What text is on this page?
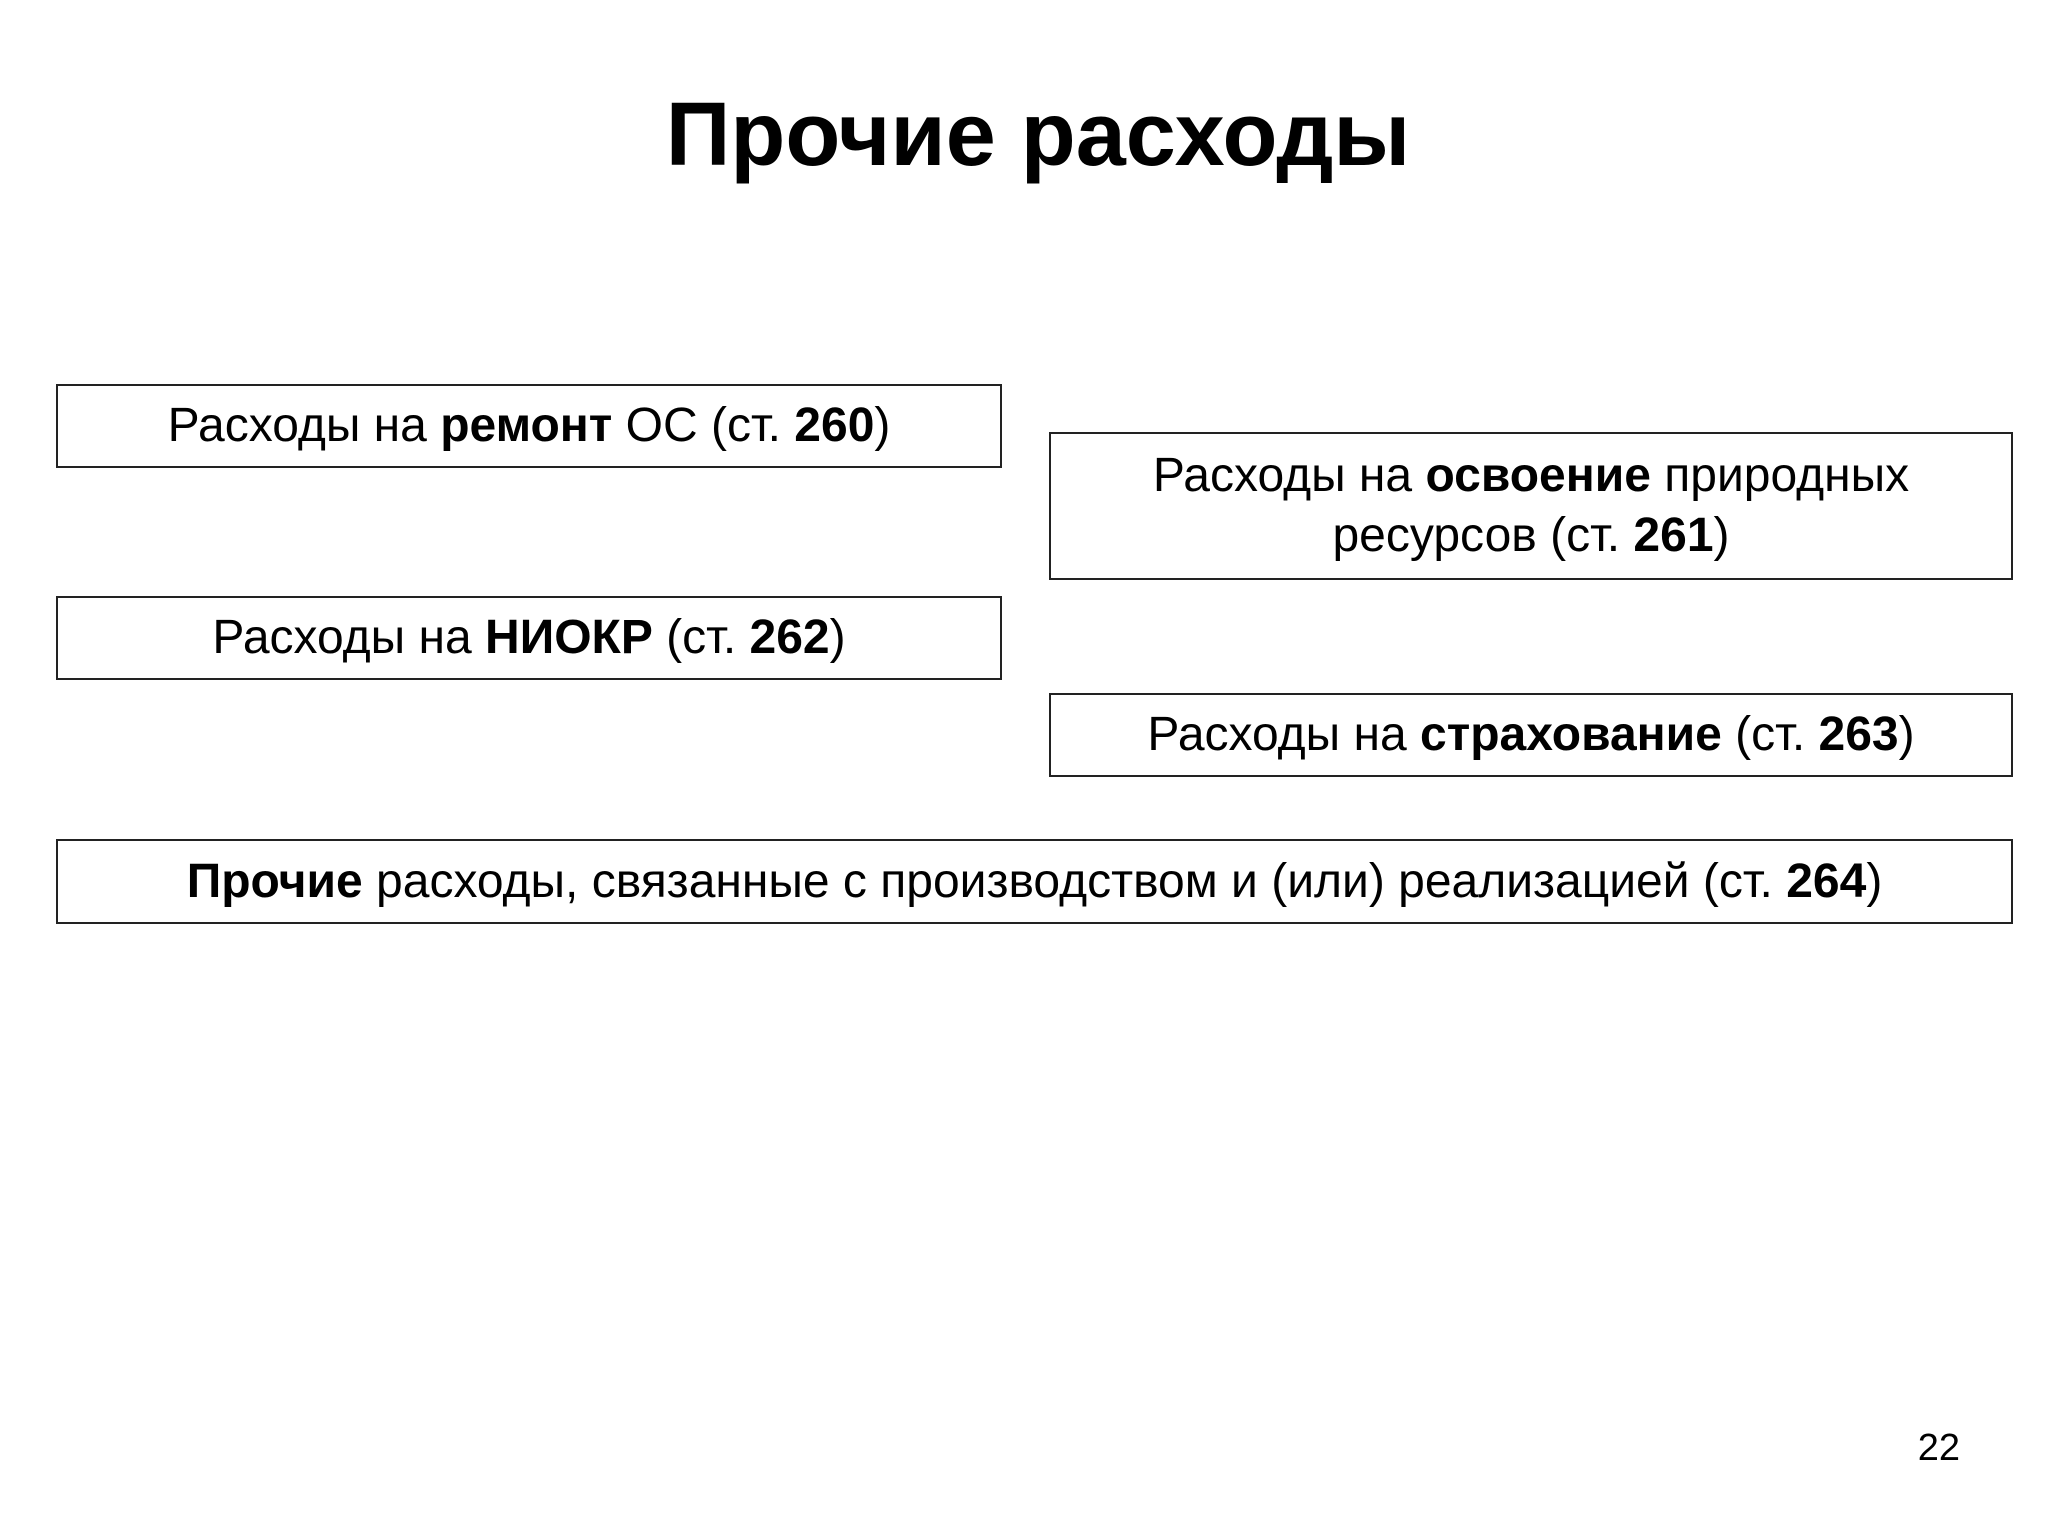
Прочие расходы
Расходы на ремонт ОС (ст. 260)
Расходы на освоение природных
ресурсов (ст. 261)
Расходы на НИОКР (ст. 262)
Расходы на страхование (ст. 263)
Прочие расходы, связанные с производством и (или) реализацией (ст. 264)
22
